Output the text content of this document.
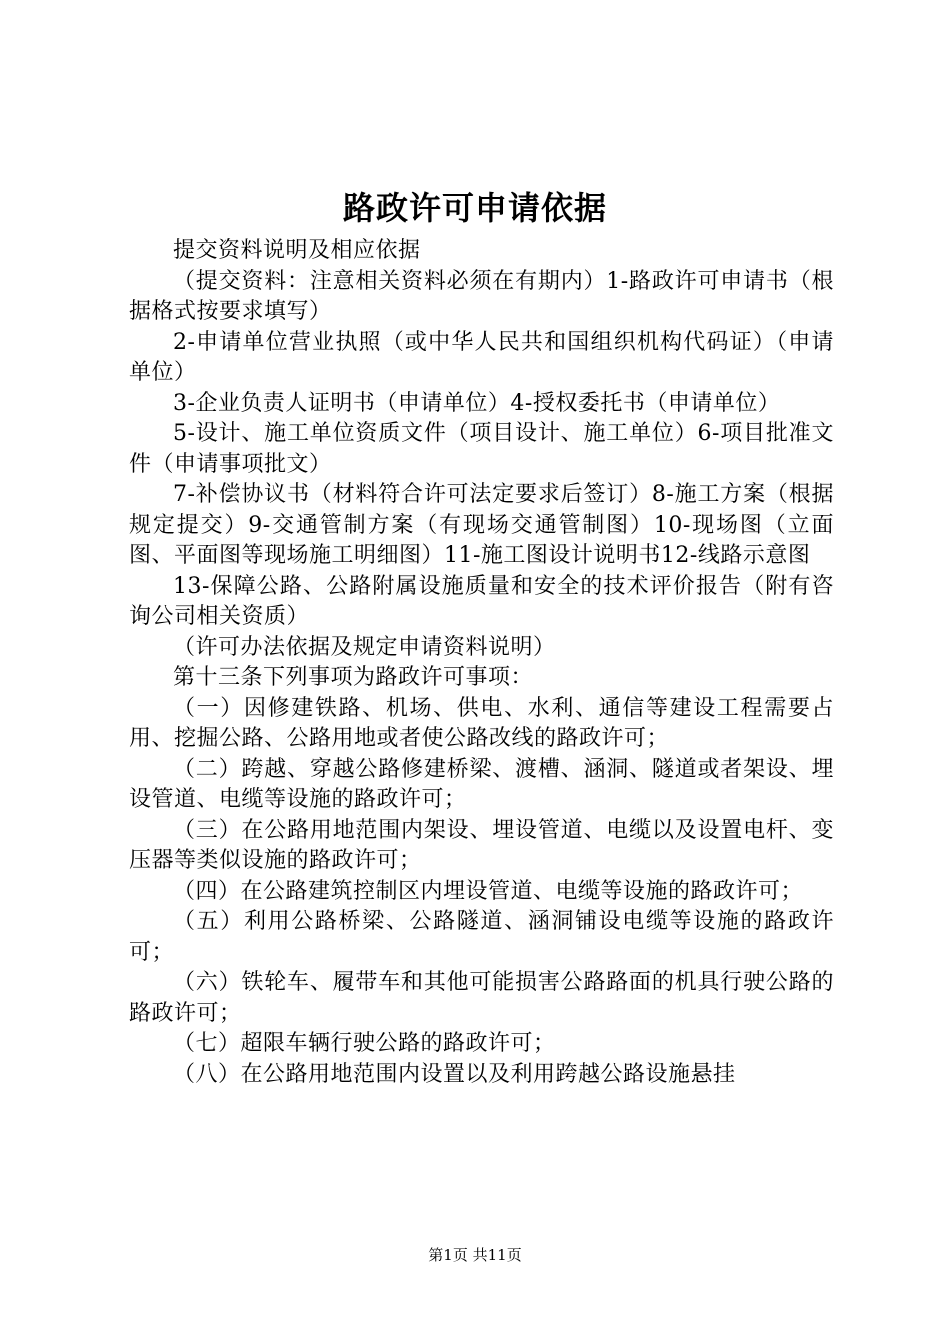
路政许可申请依据

提交资料说明及相应依据

（提交资料：注意相关资料必须在有期内）1-路政许可申请书（根据格式按要求填写）

2-申请单位营业执照（或中华人民共和国组织机构代码证）（申请单位）

3-企业负责人证明书（申请单位）4-授权委托书（申请单位）

5-设计、施工单位资质文件（项目设计、施工单位）6-项目批准文件（申请事项批文）

7-补偿协议书（材料符合许可法定要求后签订）8-施工方案（根据规定提交）9-交通管制方案（有现场交通管制图）10-现场图（立面图、平面图等现场施工明细图）11-施工图设计说明书12-线路示意图

13-保障公路、公路附属设施质量和安全的技术评价报告（附有咨询公司相关资质）

（许可办法依据及规定申请资料说明）

第十三条下列事项为路政许可事项：

（一）因修建铁路、机场、供电、水利、通信等建设工程需要占用、挖掘公路、公路用地或者使公路改线的路政许可；

（二）跨越、穿越公路修建桥梁、渡槽、涵洞、隧道或者架设、埋设管道、电缆等设施的路政许可；

（三）在公路用地范围内架设、埋设管道、电缆以及设置电杆、变压器等类似设施的路政许可；

（四）在公路建筑控制区内埋设管道、电缆等设施的路政许可；

（五）利用公路桥梁、公路隧道、涵洞铺设电缆等设施的路政许可；

（六）铁轮车、履带车和其他可能损害公路路面的机具行驶公路的路政许可；

（七）超限车辆行驶公路的路政许可；

（八）在公路用地范围内设置以及利用跨越公路设施悬挂

第1页 共11页
